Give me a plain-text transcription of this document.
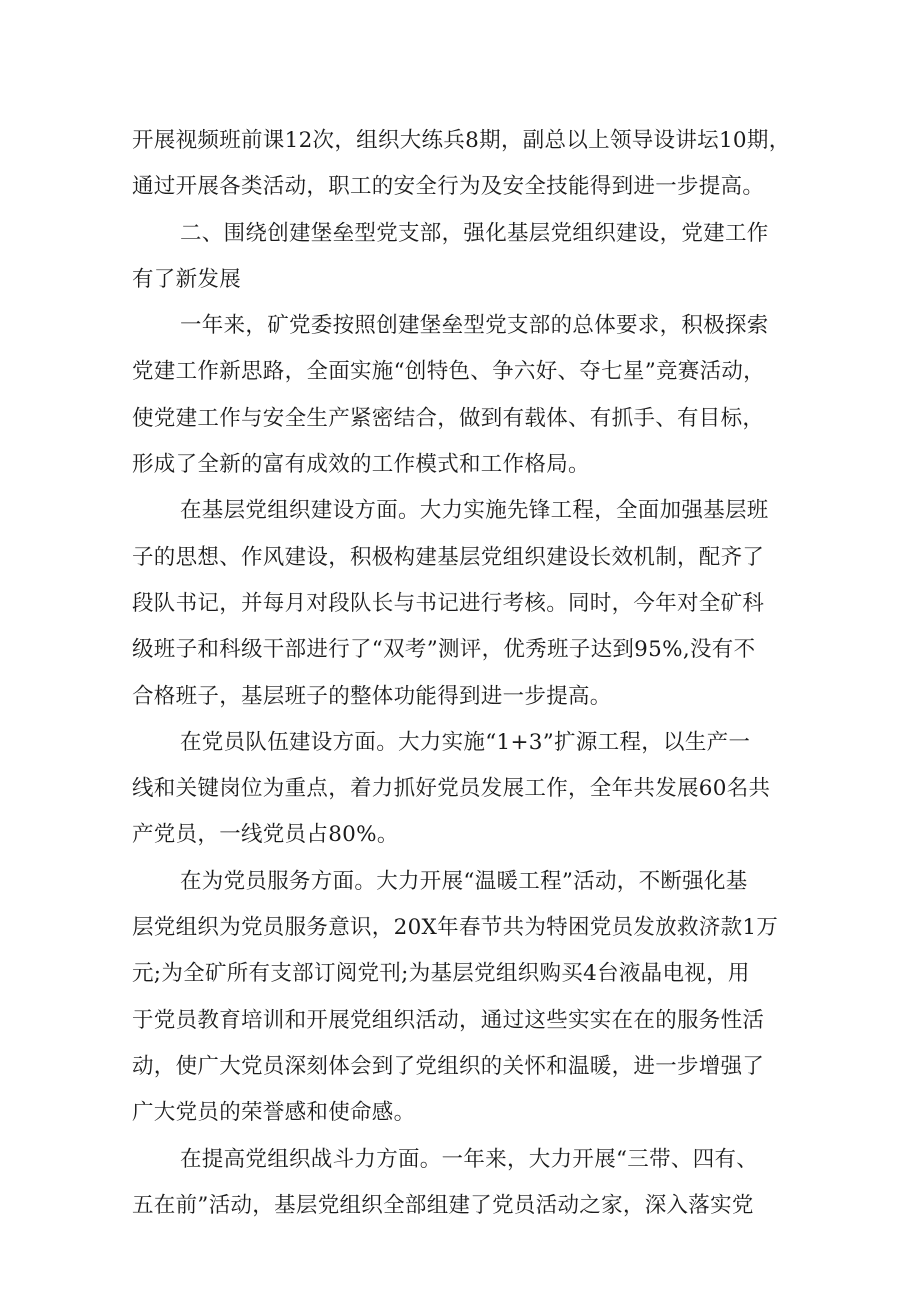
开展视频班前课12次，组织大练兵8期，副总以上领导设讲坛10期，
通过开展各类活动，职工的安全行为及安全技能得到进一步提高。

二、围绕创建堡垒型党支部，强化基层党组织建设，党建工作
有了新发展

一年来，矿党委按照创建堡垒型党支部的总体要求，积极探索
党建工作新思路，全面实施“创特色、争六好、夺七星”竞赛活动，
使党建工作与安全生产紧密结合，做到有载体、有抓手、有目标，
形成了全新的富有成效的工作模式和工作格局。

在基层党组织建设方面。大力实施先锋工程，全面加强基层班
子的思想、作风建设，积极构建基层党组织建设长效机制，配齐了
段队书记，并每月对段队长与书记进行考核。同时，今年对全矿科
级班子和科级干部进行了“双考”测评，优秀班子达到95%,没有不
合格班子，基层班子的整体功能得到进一步提高。

在党员队伍建设方面。大力实施“1+3”扩源工程，以生产一
线和关键岗位为重点，着力抓好党员发展工作，全年共发展60名共
产党员，一线党员占80%。

在为党员服务方面。大力开展“温暖工程”活动，不断强化基
层党组织为党员服务意识，20X年春节共为特困党员发放救济款1万
元;为全矿所有支部订阅党刊;为基层党组织购买4台液晶电视，用
于党员教育培训和开展党组织活动，通过这些实实在在的服务性活
动，使广大党员深刻体会到了党组织的关怀和温暖，进一步增强了
广大党员的荣誉感和使命感。

在提高党组织战斗力方面。一年来，大力开展“三带、四有、
五在前”活动，基层党组织全部组建了党员活动之家，深入落实党
